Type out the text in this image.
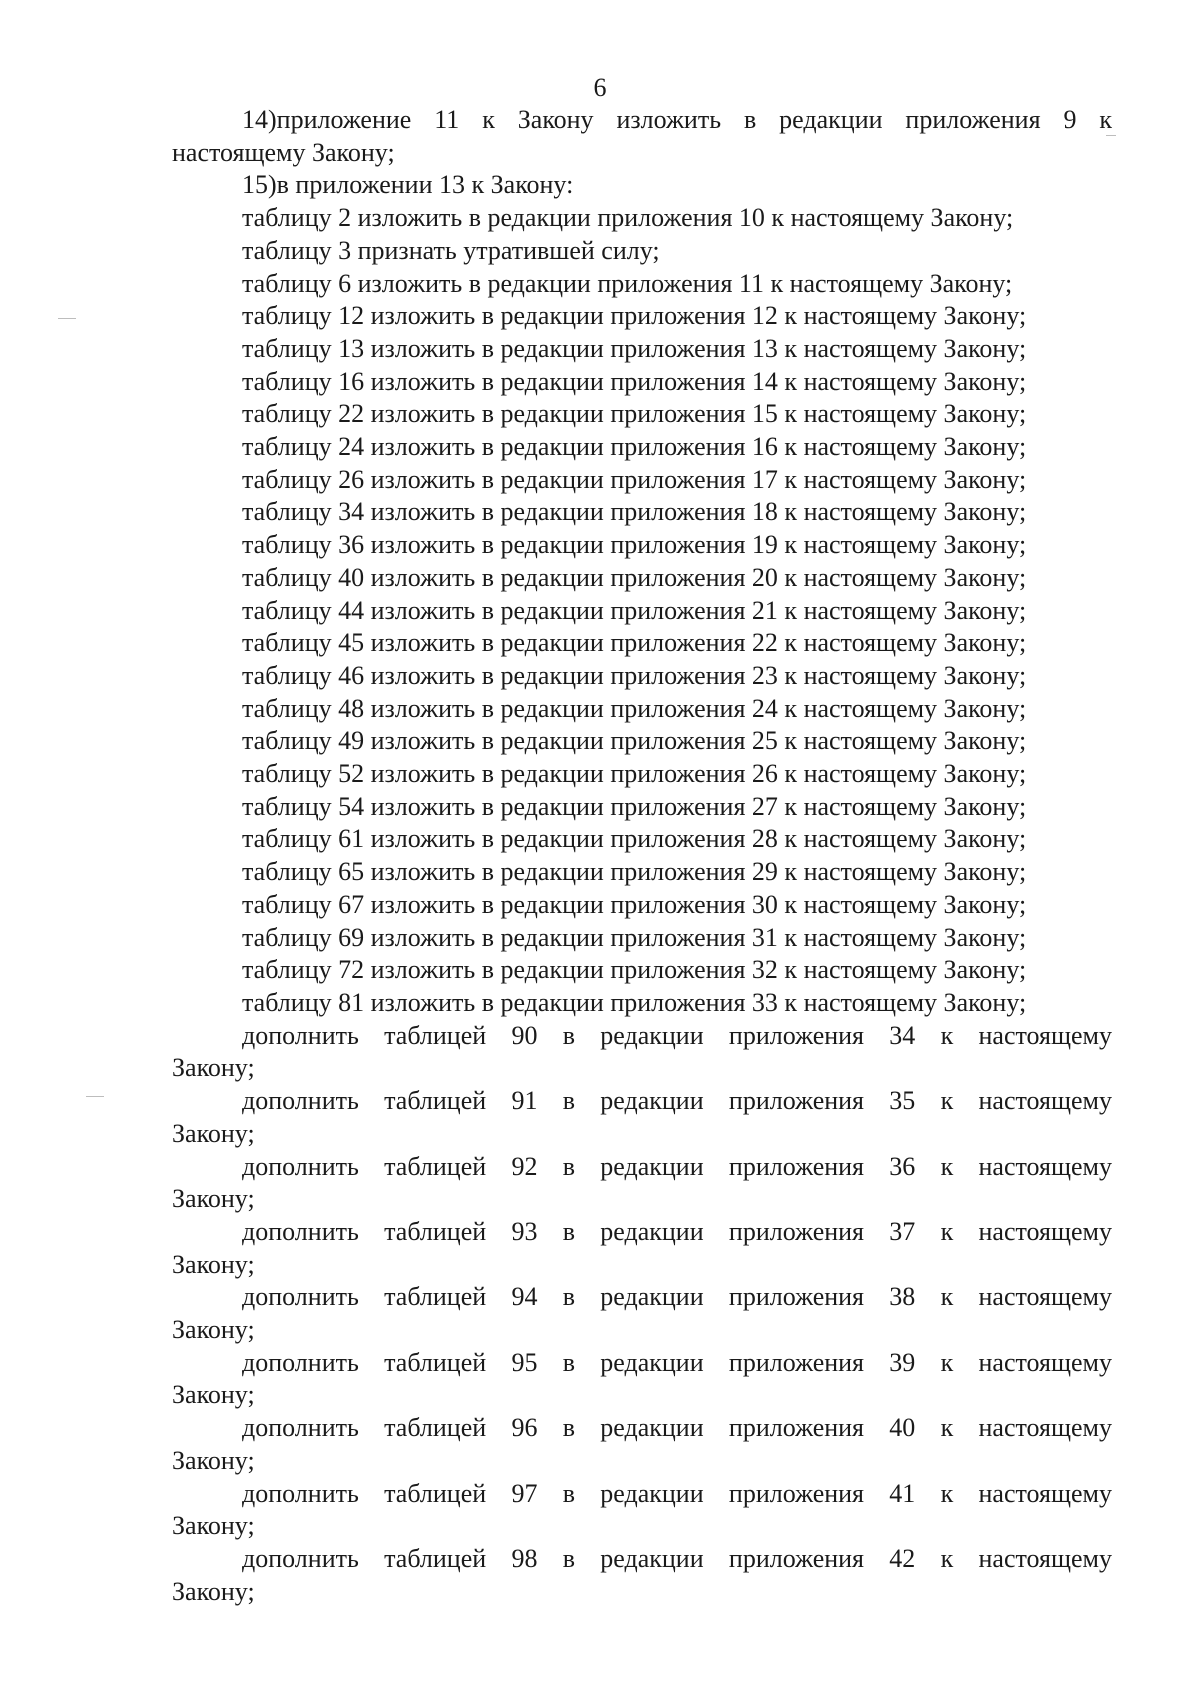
6
14)приложение 11 к Закону изложить в редакции приложения 9 к
настоящему Закону;

15)в приложении 13 к Закону:

таблицу 2 изложить в редакции приложения 10 к настоящему Закону;

таблицу 3 признать утратившей силу;

таблицу 6 изложить в редакции приложения 11 к настоящему Закону;

таблицу 12 изложить в редакции приложения 12 к настоящему Закону;

таблицу 13 изложить в редакции приложения 13 к настоящему Закону;

таблицу 16 изложить в редакции приложения 14 к настоящему Закону;

таблицу 22 изложить в редакции приложения 15 к настоящему Закону;

таблицу 24 изложить в редакции приложения 16 к настоящему Закону;

таблицу 26 изложить в редакции приложения 17 к настоящему Закону;

таблицу 34 изложить в редакции приложения 18 к настоящему Закону;

таблицу 36 изложить в редакции приложения 19 к настоящему Закону;

таблицу 40 изложить в редакции приложения 20 к настоящему Закону;

таблицу 44 изложить в редакции приложения 21 к настоящему Закону;

таблицу 45 изложить в редакции приложения 22 к настоящему Закону;

таблицу 46 изложить в редакции приложения 23 к настоящему Закону;

таблицу 48 изложить в редакции приложения 24 к настоящему Закону;

таблицу 49 изложить в редакции приложения 25 к настоящему Закону;

таблицу 52 изложить в редакции приложения 26 к настоящему Закону;

таблицу 54 изложить в редакции приложения 27 к настоящему Закону;

таблицу 61 изложить в редакции приложения 28 к настоящему Закону;

таблицу 65 изложить в редакции приложения 29 к настоящему Закону;

таблицу 67 изложить в редакции приложения 30 к настоящему Закону;

таблицу 69 изложить в редакции приложения 31 к настоящему Закону;

таблицу 72 изложить в редакции приложения 32 к настоящему Закону;

таблицу 81 изложить в редакции приложения 33 к настоящему Закону;

дополнить таблицей 90 в редакции приложения 34 к настоящему
Закону;
дополнить таблицей 91 в редакции приложения 35 к настоящему
Закону;
дополнить таблицей 92 в редакции приложения 36 к настоящему
Закону;
дополнить таблицей 93 в редакции приложения 37 к настоящему
Закону;
дополнить таблицей 94 в редакции приложения 38 к настоящему
Закону;
дополнить таблицей 95 в редакции приложения 39 к настоящему
Закону;
дополнить таблицей 96 в редакции приложения 40 к настоящему
Закону;
дополнить таблицей 97 в редакции приложения 41 к настоящему
Закону;
дополнить таблицей 98 в редакции приложения 42 к настоящему
Закону;
